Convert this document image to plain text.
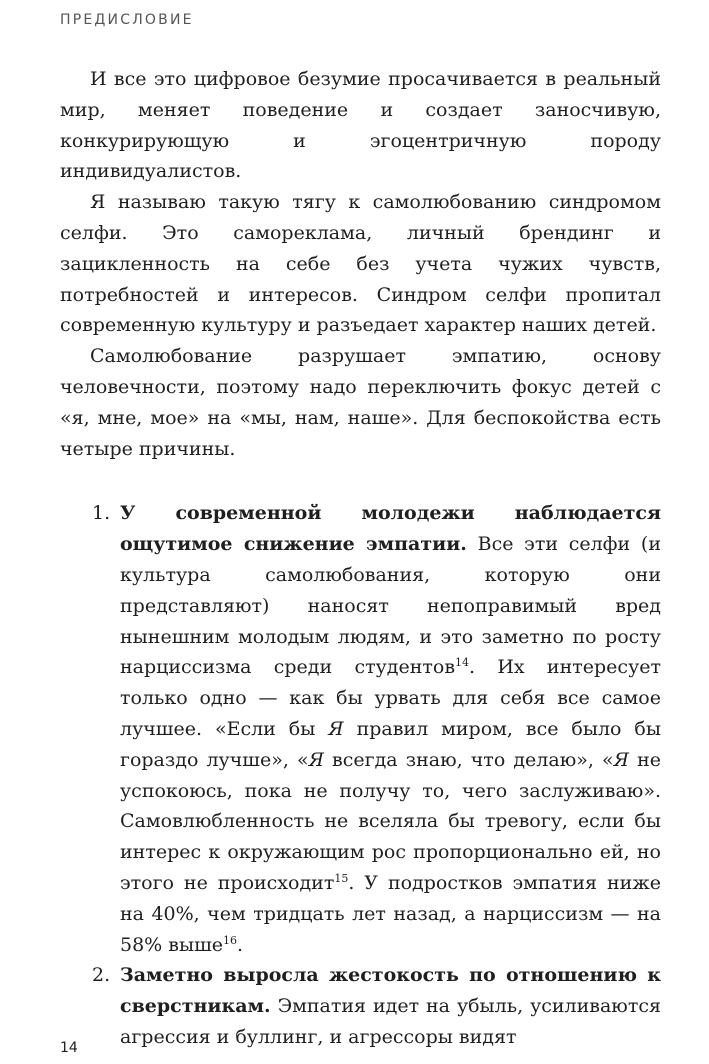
ПРЕДИСЛОВИЕ

И все это цифровое безумие просачивается в реальный мир, меняет поведение и создает заносчивую, конкурирующую и эгоцентричную породу индивидуалистов.

Я называю такую тягу к самолюбованию синдромом селфи. Это самореклама, личный брендинг и зацикленность на себе без учета чужих чувств, потребностей и интересов. Синдром селфи пропитал современную культуру и разъедает характер наших детей.

Самолюбование разрушает эмпатию, основу человечности, поэтому надо переключить фокус детей с «я, мне, мое» на «мы, нам, наше». Для беспокойства есть четыре причины.

1. У современной молодежи наблюдается ощутимое снижение эмпатии. Все эти селфи (и культура самолюбования, которую они представляют) наносят непоправимый вред нынешним молодым людям, и это заметно по росту нарциссизма среди студентов$^{14}$. Их интересует только одно — как бы урвать для себя все самое лучшее. «Если бы Я правил миром, все было бы гораздо лучше», «Я всегда знаю, что делаю», «Я не успокоюсь, пока не получу то, чего заслуживаю». Самовлюбленность не вселяла бы тревогу, если бы интерес к окружающим рос пропорционально ей, но этого не происходит$^{15}$. У подростков эмпатия ниже на 40%, чем тридцать лет назад, а нарциссизм — на 58% выше$^{16}$.
2. Заметно выросла жестокость по отношению к сверстникам. Эмпатия идет на убыль, усиливаются агрессия и буллинг, и агрессоры видят
14
